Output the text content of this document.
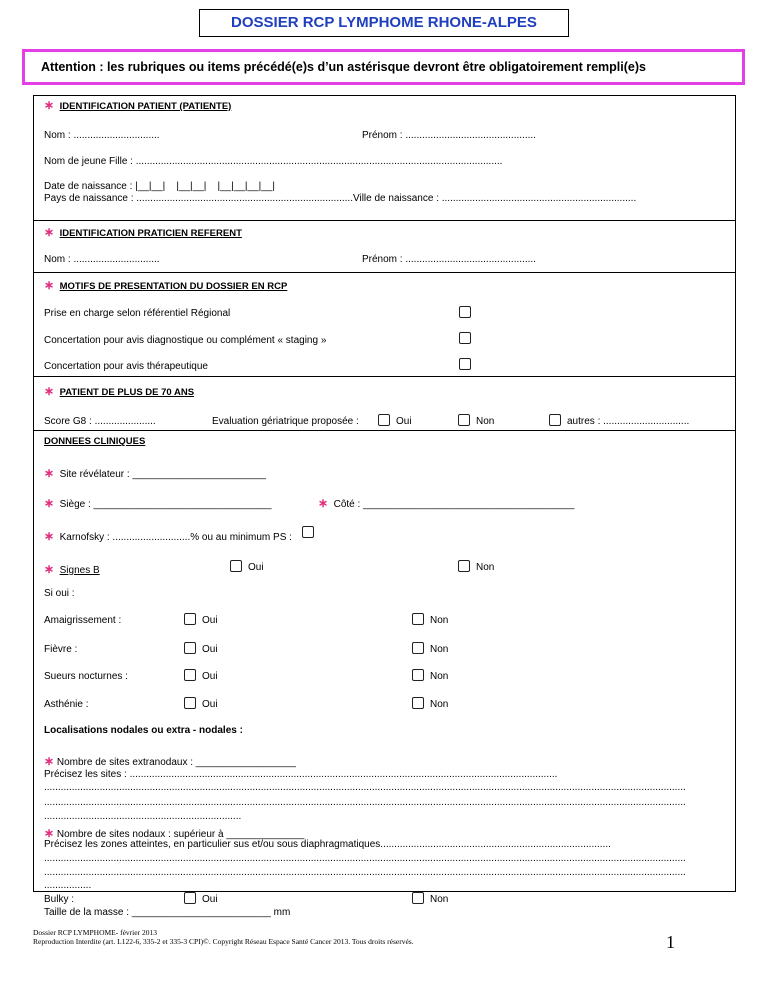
DOSSIER RCP LYMPHOME RHONE-ALPES
Attention : les rubriques ou items précédé(e)s d’un astérisque devront être obligatoirement rempli(e)s
∗ IDENTIFICATION PATIENT (PATIENTE)
Nom : ...............................	Prénom : ...............................................
Nom de jeune Fille : ....................................................................................................................................
Date de naissance : |__|__|    |__|__|    |__|__|__|__|
Pays de naissance : ..............................................................................Ville de naissance : ......................................................................
∗ IDENTIFICATION PRATICIEN REFERENT
Nom : ...............................	Prénom : ...............................................
∗ MOTIFS DE PRESENTATION DU DOSSIER EN RCP
Prise en charge selon référentiel Régional
Concertation pour avis diagnostique ou complément « staging »
Concertation pour avis thérapeutique
∗ PATIENT DE PLUS DE 70 ANS
Score G8 : ......................	Evaluation gériatrique proposée :	Oui	Non	autres : ...............................
DONNEES CLINIQUES
∗ Site révélateur : ________________________
∗ Siège : ________________________________	∗ Côté : ______________________________________
∗ Karnofsky : ............................% ou au minimum PS :
∗ Signes B	Oui	Non
Si oui :
Amaigrissement :	Oui	Non
Fièvre :	Oui	Non
Sueurs nocturnes :	Oui	Non
Asthénie :	Oui	Non
Localisations nodales ou extra - nodales :
∗ Nombre de sites extranodaux : __________________
Précisez les sites : ..........................................................................................................................................................
.......................................................................................................................................................................................................................................
.......................................................................................................................................................................................................................................
.......................................................................
∗ Nombre de sites nodaux : supérieur à ______________
Précisez les zones atteintes, en particulier sus et/ou sous diaphragmatiques...................................................................................
.......................................................................................................................................................................................................................................
.......................................................................................................................................................................................................................................
.................
Bulky :	Oui	Non
Taille de la masse : _________________________ mm
Dossier RCP LYMPHOME- février 2013
Reproduction Interdite (art. L122-6, 335-2 et 335-3 CPI)©. Copyright Réseau Espace Santé Cancer 2013. Tous droits réservés.	1
